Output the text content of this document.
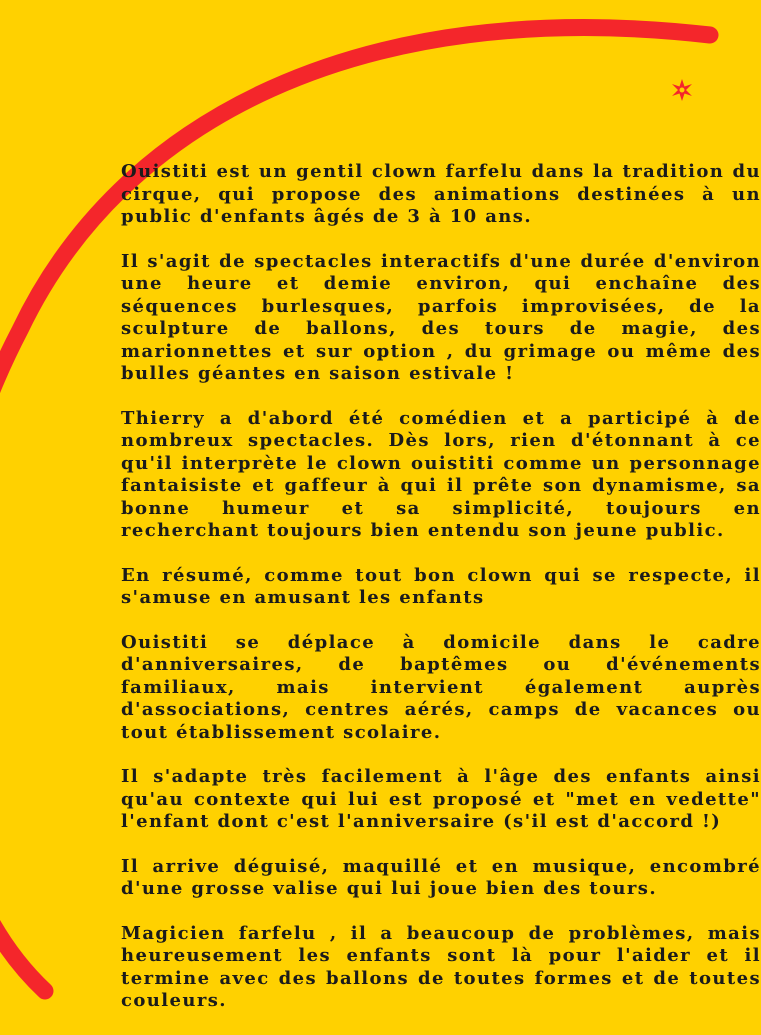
Ouistiti est un gentil clown farfelu dans la tradition du cirque, qui propose des animations destinées à un public d'enfants âgés de 3 à 10 ans.

Il s'agit de spectacles interactifs d'une durée d'environ une heure et demie environ, qui enchaîne des séquences burlesques, parfois improvisées, de la sculpture de ballons, des tours de magie, des marionnettes et sur option , du grimage ou même des bulles géantes en saison estivale !

Thierry a d'abord été comédien et a participé à de nombreux spectacles. Dès lors, rien d'étonnant à ce qu'il interprète le clown ouistiti comme un personnage fantaisiste et gaffeur à qui il prête son dynamisme, sa bonne humeur et sa simplicité, toujours en recherchant toujours bien entendu son jeune public.

En résumé, comme tout bon clown qui se respecte, il s'amuse en amusant les enfants

Ouistiti se déplace à domicile dans le cadre d'anniversaires, de baptêmes ou d'événements familiaux, mais intervient également auprès d'associations, centres aérés, camps de vacances ou tout établissement scolaire.

Il s'adapte très facilement à l'âge des enfants ainsi qu'au contexte qui lui est proposé et "met en vedette" l'enfant dont c'est l'anniversaire (s'il est d'accord !)

Il arrive déguisé, maquillé et en musique, encombré d'une grosse valise qui lui joue bien des tours.

Magicien farfelu , il a beaucoup de problèmes, mais heureusement les enfants sont là pour l'aider et il termine avec des ballons de toutes formes et de toutes couleurs.
